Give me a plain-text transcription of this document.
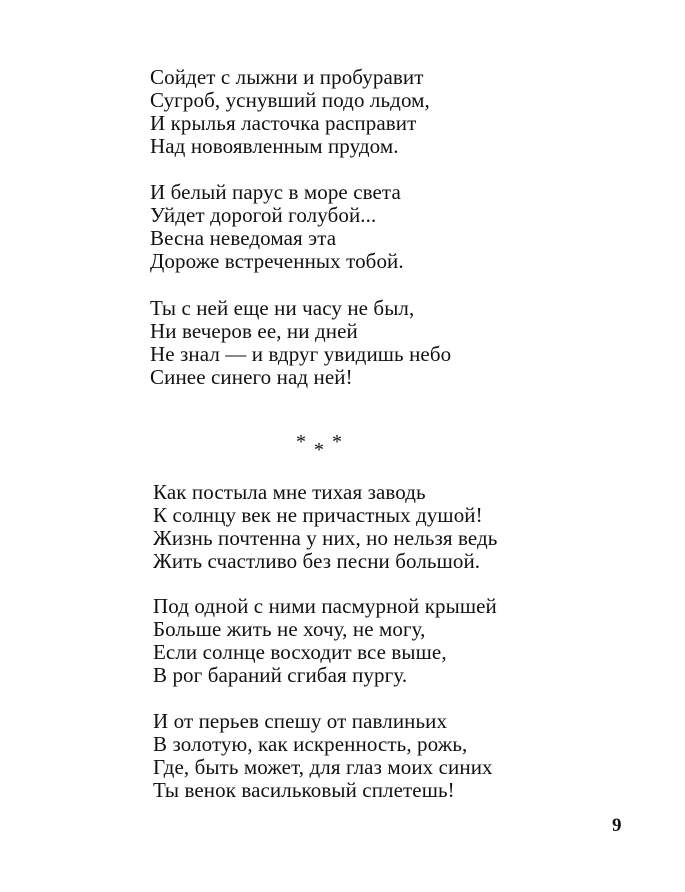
Сойдет с лыжни и пробуравит
Сугроб, уснувший подо льдом,
И крылья ласточка расправит
Над новоявленным прудом.
И белый парус в море света
Уйдет дорогой голубой...
Весна неведомая эта
Дороже встреченных тобой.
Ты с ней еще ни часу не был,
Ни вечеров ее, ни дней
Не знал — и вдруг увидишь небо
Синее синего над ней!
* * *
Как постыла мне тихая заводь
К солнцу век не причастных душой!
Жизнь почтенна у них, но нельзя ведь
Жить счастливо без песни большой.
Под одной с ними пасмурной крышей
Больше жить не хочу, не могу,
Если солнце восходит все выше,
В рог бараний сгибая пургу.
И от перьев спешу от павлиньих
В золотую, как искренность, рожь,
Где, быть может, для глаз моих синих
Ты венок васильковый сплетешь!
9
